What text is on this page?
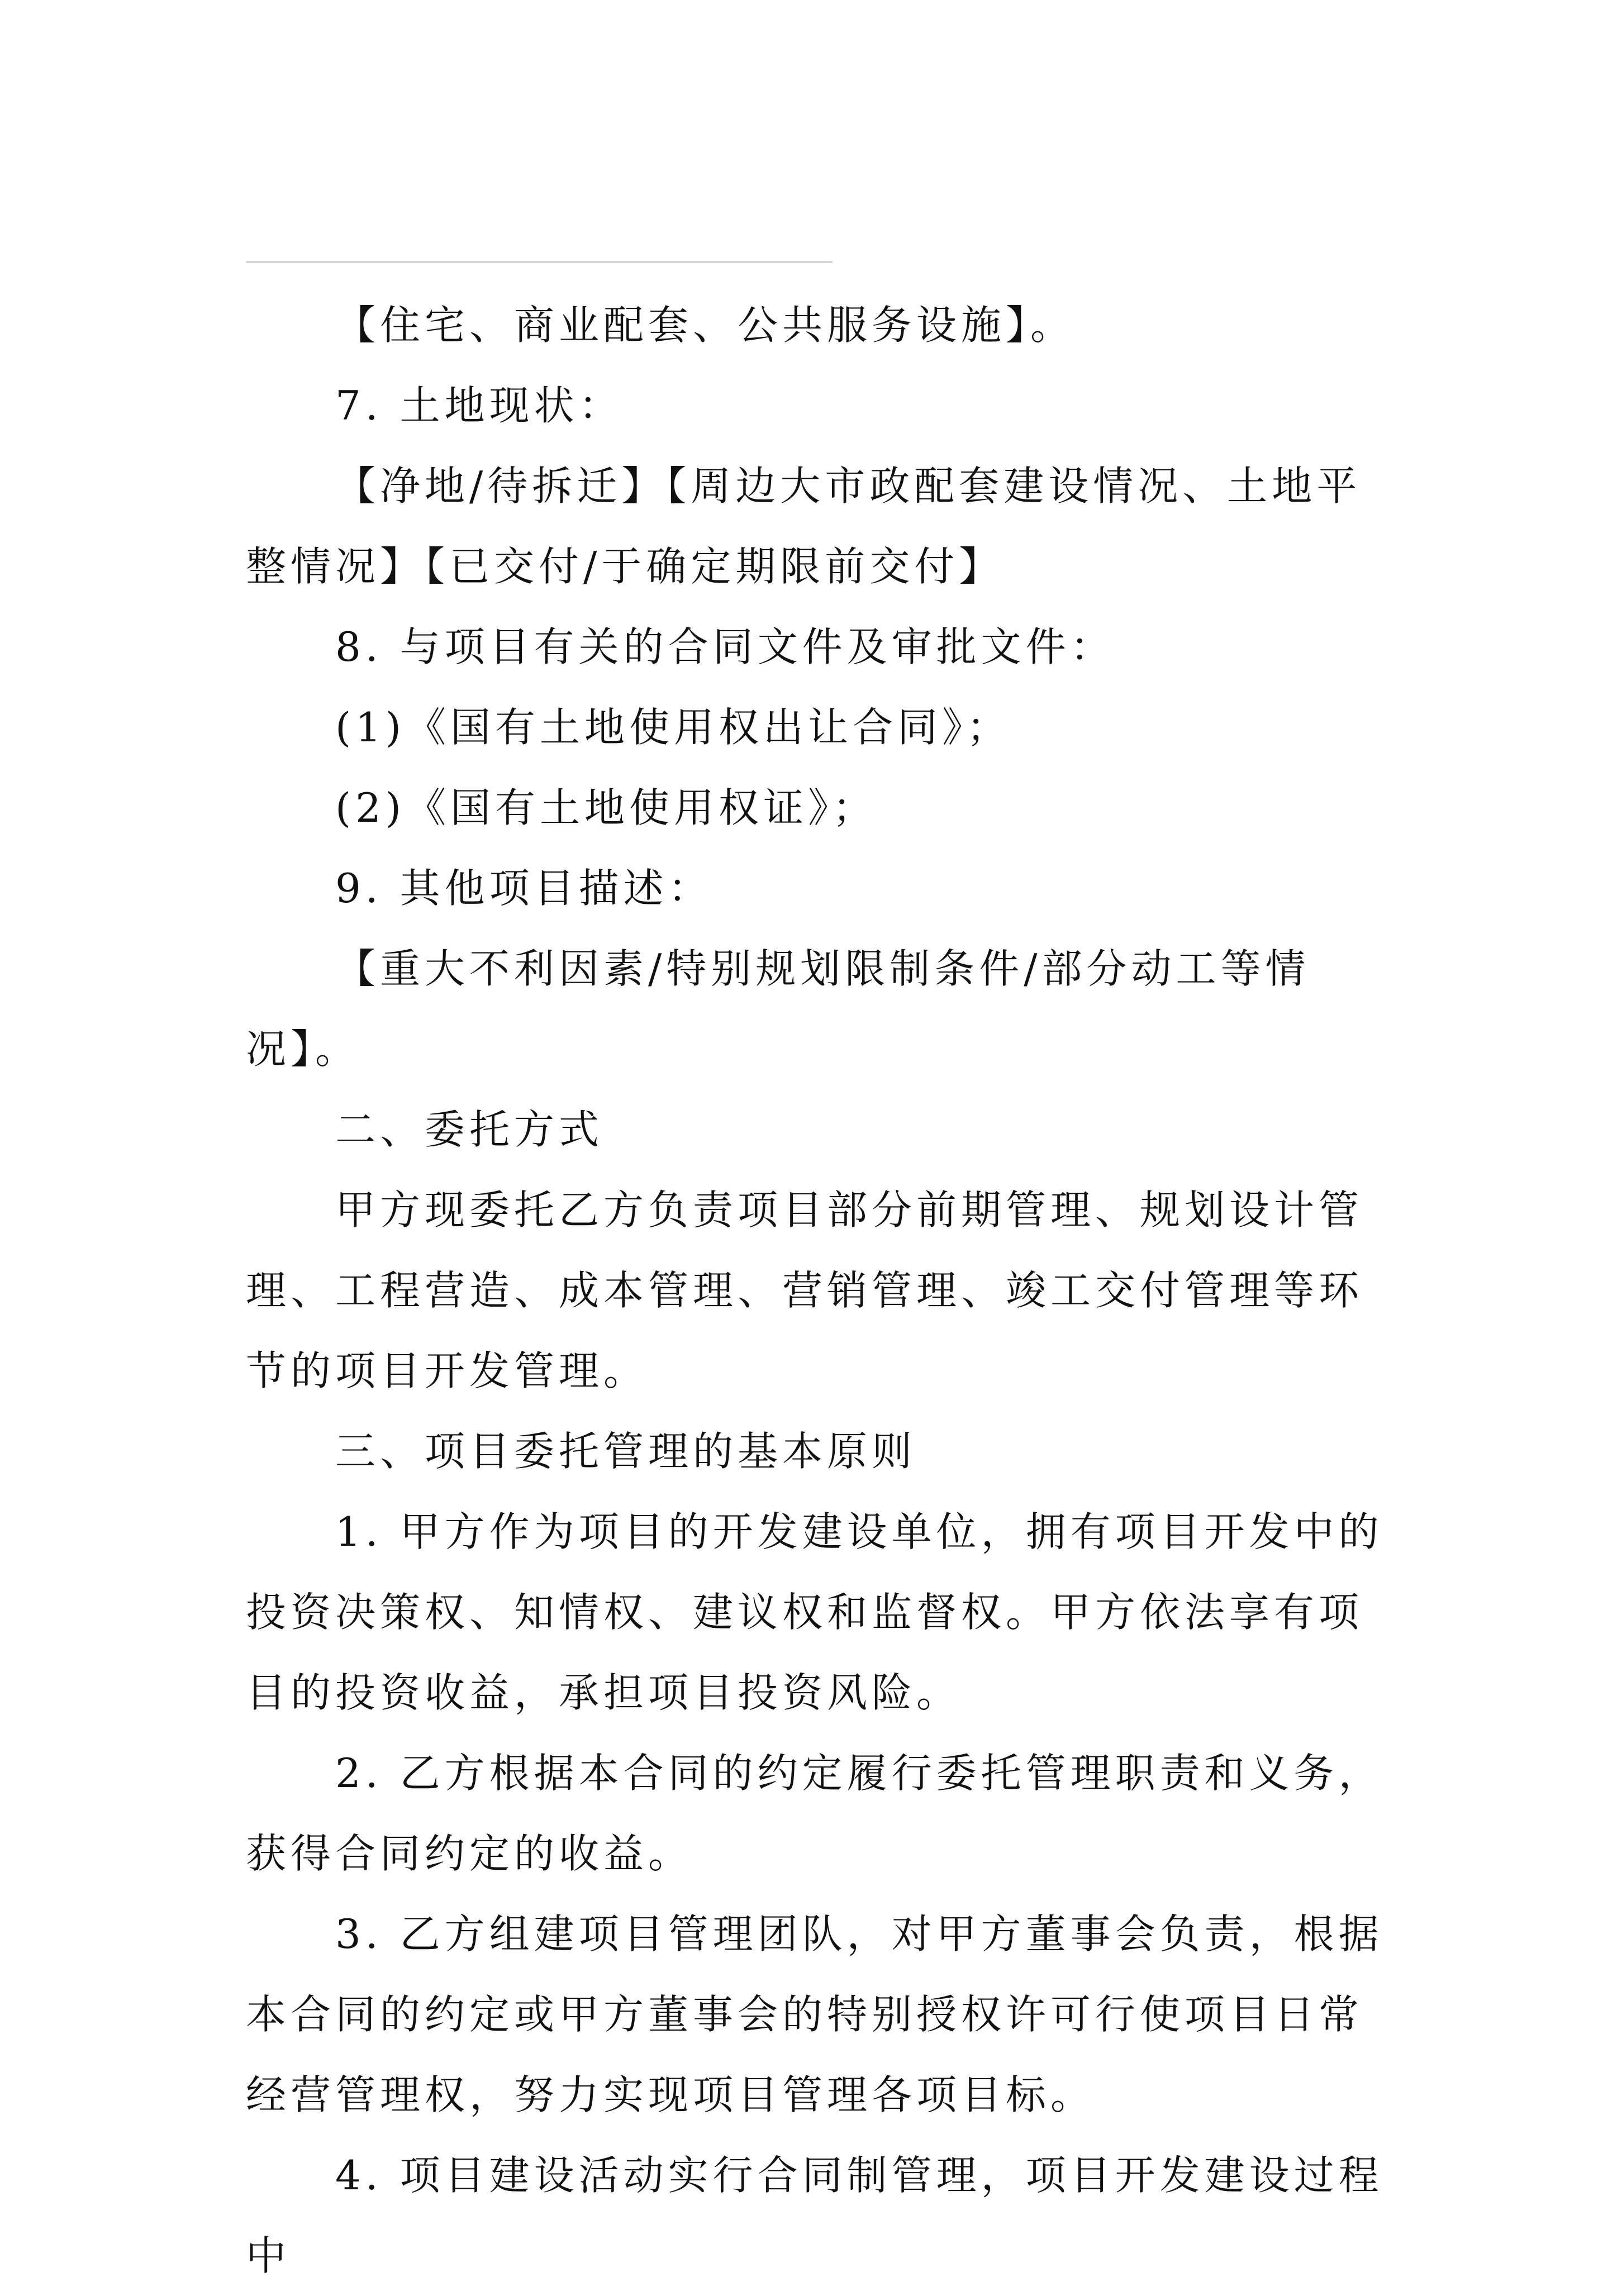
【住宅、商业配套、公共服务设施】。

7. 土地现状：

【净地/待拆迁】【周边大市政配套建设情况、土地平整情况】【已交付/于确定期限前交付】

8. 与项目有关的合同文件及审批文件：

(1)《国有土地使用权出让合同》；

(2)《国有土地使用权证》；

9. 其他项目描述：

【重大不利因素/特别规划限制条件/部分动工等情况】。

二、委托方式

甲方现委托乙方负责项目部分前期管理、规划设计管理、工程营造、成本管理、营销管理、竣工交付管理等环节的项目开发管理。

三、项目委托管理的基本原则

1. 甲方作为项目的开发建设单位，拥有项目开发中的投资决策权、知情权、建议权和监督权。甲方依法享有项目的投资收益，承担项目投资风险。

2. 乙方根据本合同的约定履行委托管理职责和义务，获得合同约定的收益。

3. 乙方组建项目管理团队，对甲方董事会负责，根据本合同的约定或甲方董事会的特别授权许可行使项目日常经营管理权，努力实现项目管理各项目标。

4. 项目建设活动实行合同制管理，项目开发建设过程中
